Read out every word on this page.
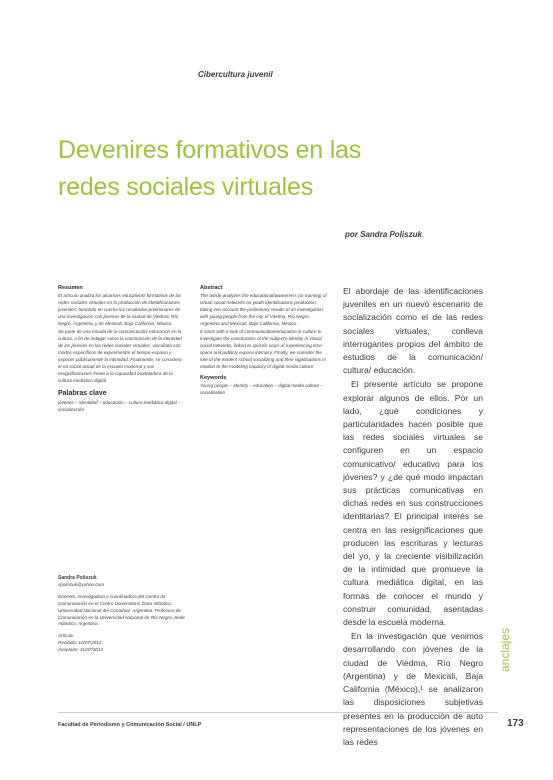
Cibercultura juvenil
Devenires formativos en las
redes sociales virtuales
por Sandra Poliszuk
Resumen
El artículo analiza los alcances educativos/ formativos de las redes sociales virtuales en la producción de identificaciones juveniles; tomando en cuenta los resultados preliminares de una investigación con jóvenes de la ciudad de Viedma, Río Negro, Argentina, y de Mexicali, Baja California, México.
Se parte de una mirada de la comunicación/ educación en la cultura, a fin de indagar sobre la construcción de la identidad de los jóvenes en las redes sociales virtuales, vinculada con modos específicos de experimentar el tiempo-espacio y exponer públicamente la intimidad. Finalmente, se considera el rol social actual de la escuela moderna y sus resignificaciones frente a la capacidad modeladora de la cultura mediático digital.
Palabras clave
jóvenes – identidad – educación – cultura mediática digital – socialización
Abstract
The article analyzes the educational/awareness (or training) of virtual social networks on youth identifications production; taking into account the preliminary results of an investigation with young people from the city of Viedma, Río Negro, Argentina and Mexicali, Baja California, Mexico.
It starts with a look of communication/education in culture to investigate the construction of the subject's identity in virtual social networks, linked to specific ways of experiencing time-space and publicly expose intimacy. Finally, we consider the role of the modern school socializing and their significations in relation to the modeling capacity of digital media culture.
Keywords
Young people – Identity – education – digital media culture – socialization
Sandra Poliszuk
spoliszuk@yahoo.com
Docente, investigadora y coordinadora del Centro de Comunicación en el Centro Universitario Zona Atlántica, Universidad Nacional del Comahue, Argentina. Profesora de Comunicación en la Universidad Nacional de Río Negro, Sede Atlántica, Argentina.
Artículo
Recibido: 10/07/2012
Aceptado: 31/07/2013

El abordaje de las identificaciones juveniles en un nuevo escenario de socialización como el de las redes sociales virtuales, conlleva interrogantes propios del ámbito de estudios de la comunicación/ cultura/ educación.

El presente artículo se propone explorar algunos de ellos. Por un lado, ¿qué condiciones y particularidades hacen posible que las redes sociales virtuales se configuren en un espacio comunicativo/ educativo para los jóvenes? y ¿de qué modo impactan sus prácticas comunicativas en dichas redes en sus construcciones identitarias? El principal interés se centra en las resignificaciones que producen las escrituras y lecturas del yo, y la creciente visibilización de la intimidad que promueve la cultura mediática digital, en las formas de conocer el mundo y construir comunidad, asentadas desde la escuela moderna.

En la investigación que venimos desarrollando con jóvenes de la ciudad de Viedma, Río Negro (Argentina) y de Mexicali, Baja California (México),¹ se analizaron las disposiciones subjetivas presentes en la producción de auto representaciones de los jóvenes en las redes

anclajes
Facultad de Periodismo y Comunicación Social / UNLP	173
